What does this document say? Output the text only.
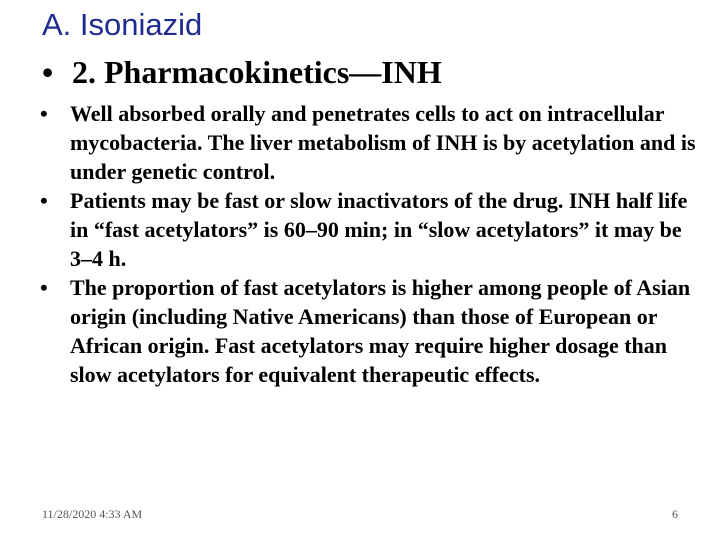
A. Isoniazid
• 2. Pharmacokinetics—INH
•	Well absorbed orally and penetrates cells to act on intracellular mycobacteria. The liver metabolism of INH is by acetylation and is under genetic control.
•	Patients may be fast or slow inactivators of the drug. INH half life in “fast acetylators” is 60–90 min; in “slow acetylators” it may be 3–4 h.
•	The proportion of fast acetylators is higher among people of Asian origin (including Native Americans) than those of European or African origin. Fast acetylators may require higher dosage than slow acetylators for equivalent therapeutic effects.
11/28/2020 4:33 AM	6
